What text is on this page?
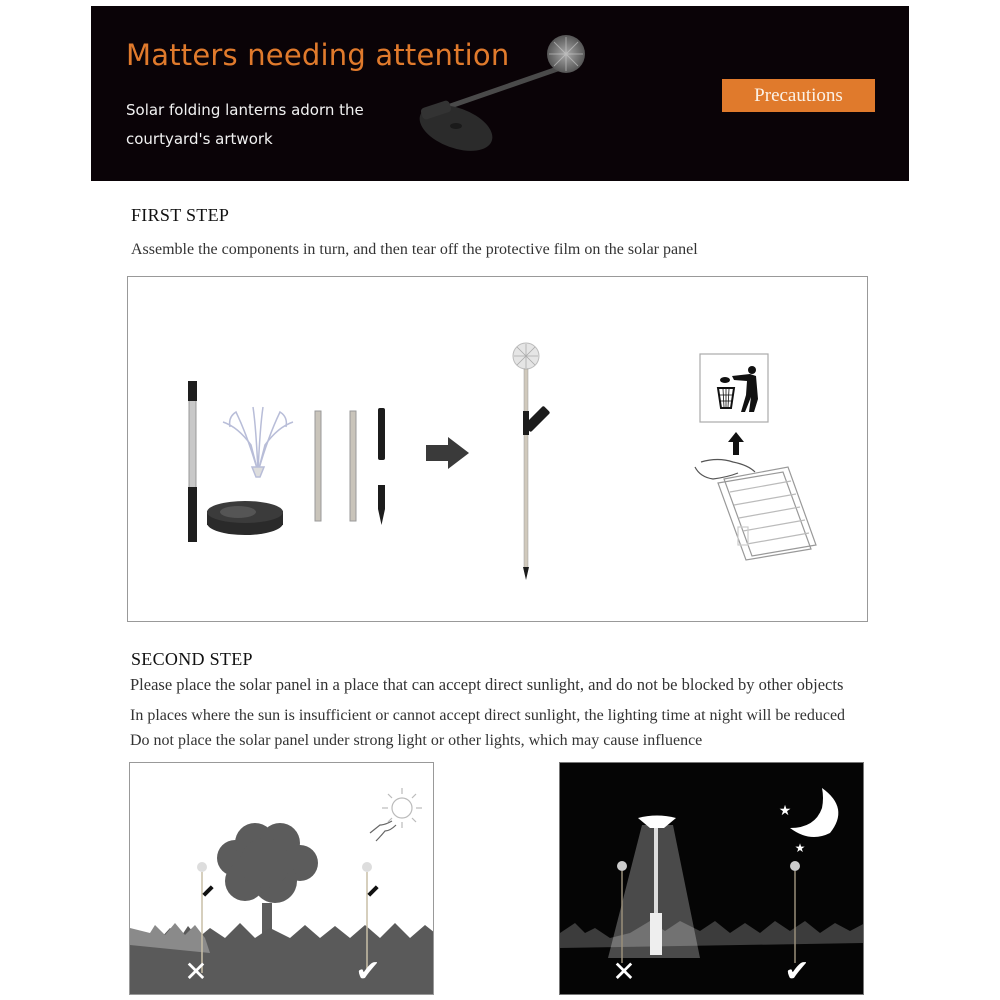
Matters needing attention
Solar folding lanterns adorn the
courtyard's artwork
Precautions
FIRST STEP
Assemble the components in turn, and then tear off the protective film on the solar panel
SECOND STEP
Please place the solar panel in a place that can accept direct sunlight, and do not be blocked by other objects
In places where the sun is insufficient or cannot accept direct sunlight, the lighting time at night will be reduced
Do not place the solar panel under strong light or other lights, which may cause influence
✕	✔
★
★
✕	✔
